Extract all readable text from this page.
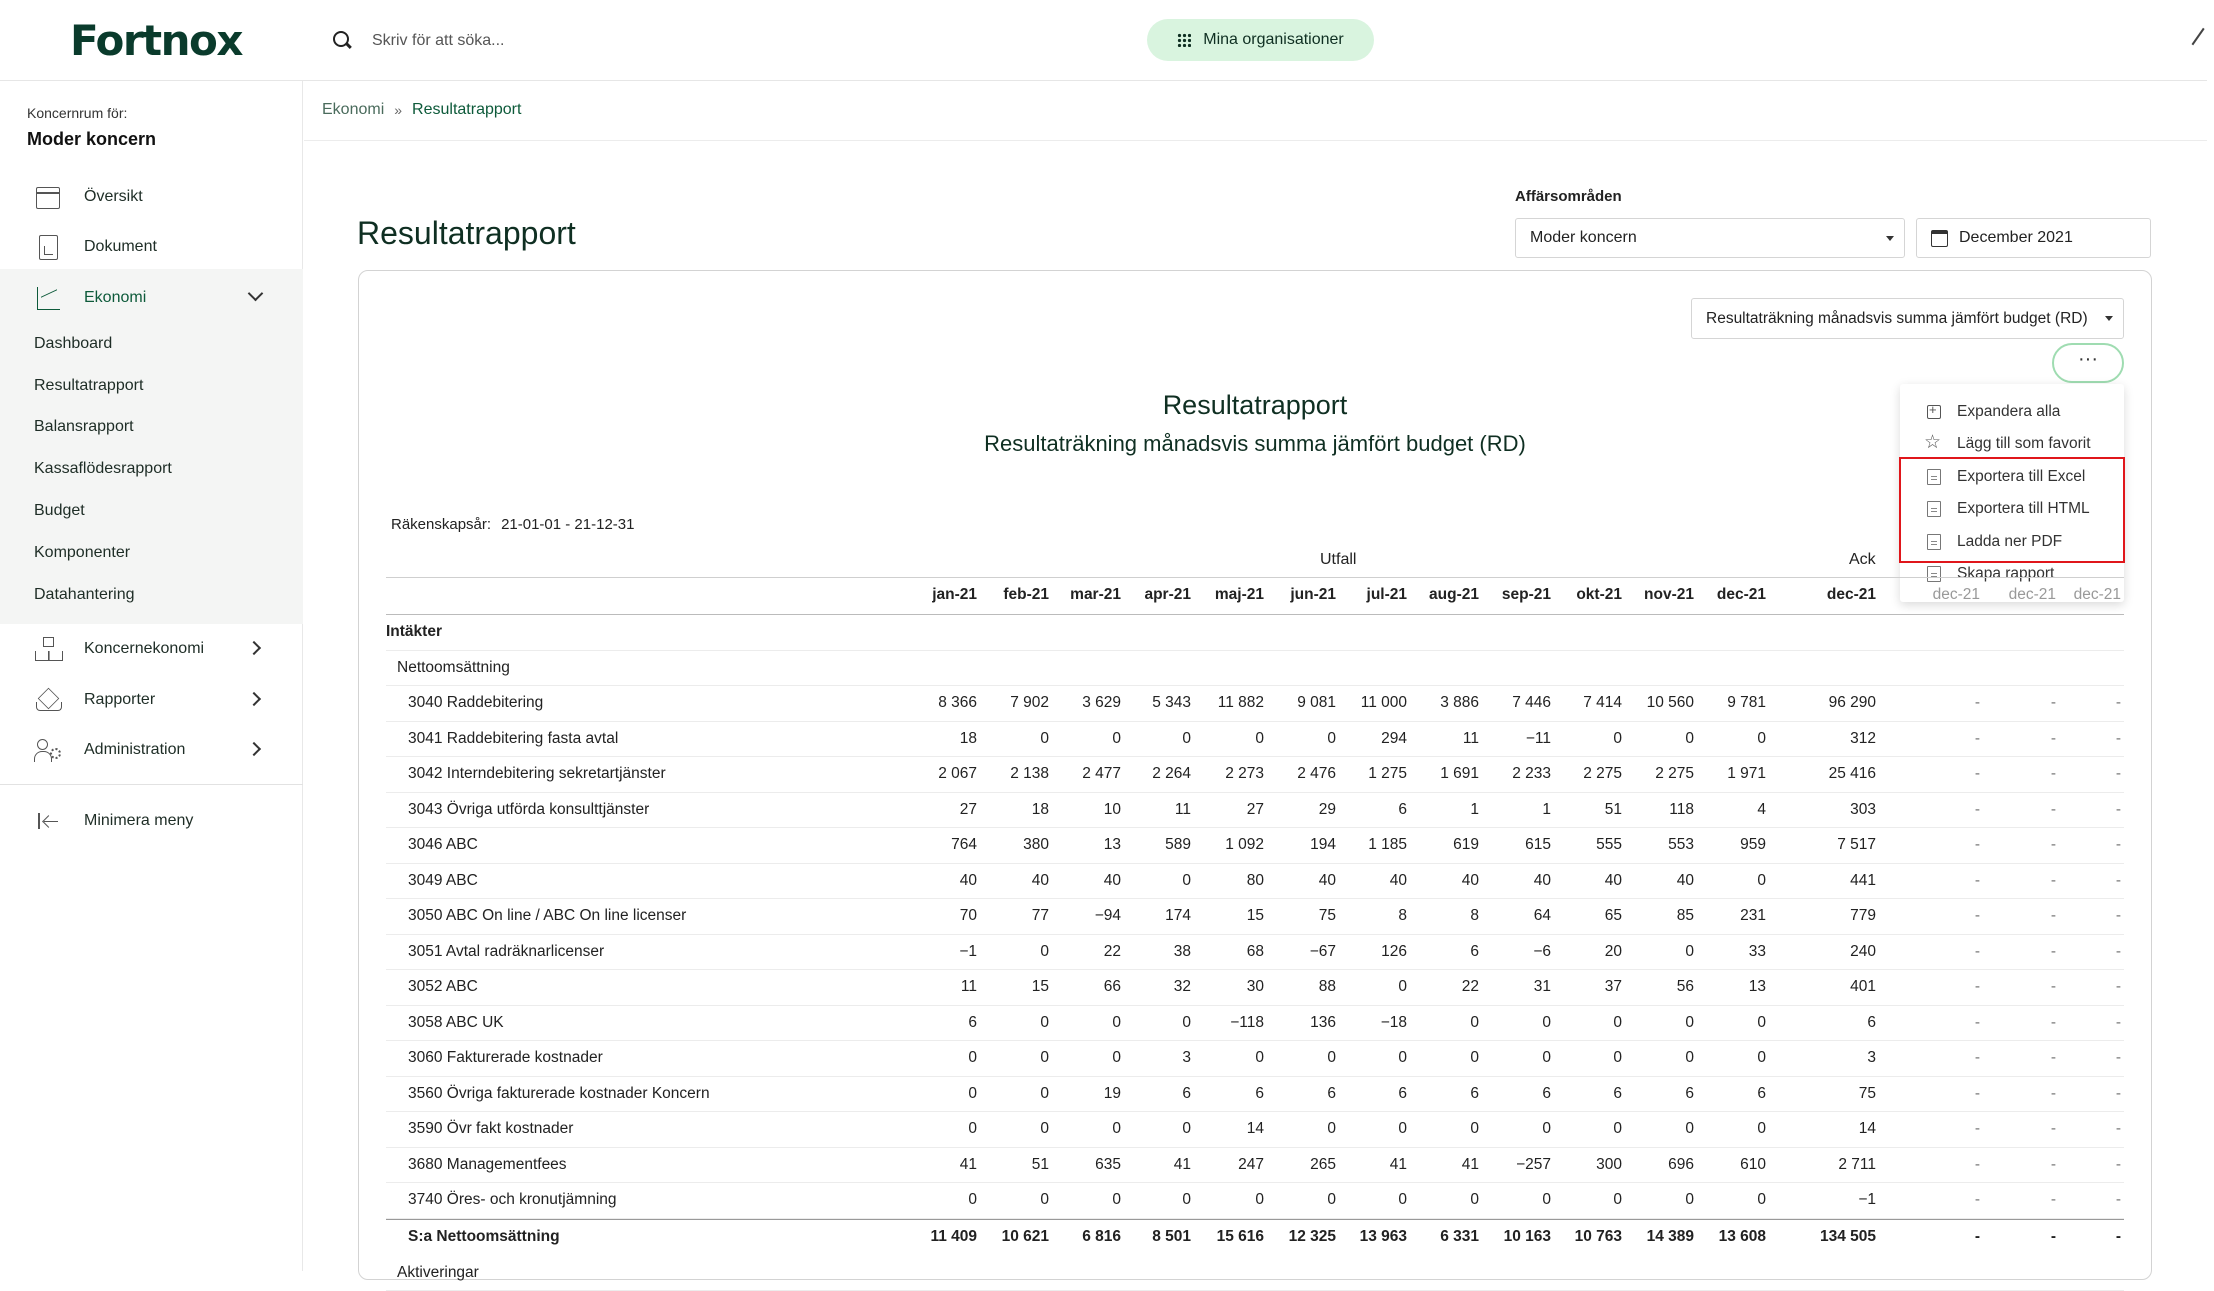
Fortnox
Skriv för att söka...	Mina organisationer
Koncernrum för:
Moder koncern
Översikt
Dokument
Ekonomi
Dashboard
Resultatrapport
Balansrapport
Kassaflödesrapport
Budget
Komponenter
Datahantering
Koncernekonomi
Rapporter
Administration
Minimera meny
Ekonomi » Resultatrapport
Resultatrapport
Affärsområden
Moder koncern	December 2021
Resultaträkning månadsvis summa jämfört budget (RD)
···
+
Expandera alla
☆
Lägg till som favorit
Exportera till Excel
Exportera till HTML
Ladda ner PDF
Skapa rapport
Resultatrapport
Resultaträkning månadsvis summa jämfört budget (RD)
Räkenskapsår: 21-01-01 - 21-12-31
Utfall	Ack
jan-21	feb-21	mar-21	apr-21	maj-21	jun-21	jul-21	aug-21	sep-21	okt-21	nov-21	dec-21	dec-21	dec-21	dec-21	dec-21
Intäkter
Nettoomsättning
3040 Raddebitering	8 366	7 902	3 629	5 343	11 882	9 081	11 000	3 886	7 446	7 414	10 560	9 781	96 290	-	-	-
3041 Raddebitering fasta avtal	18	0	0	0	0	0	294	11	−11	0	0	0	312	-	-	-
3042 Interndebitering sekretartjänster	2 067	2 138	2 477	2 264	2 273	2 476	1 275	1 691	2 233	2 275	2 275	1 971	25 416	-	-	-
3043 Övriga utförda konsulttjänster	27	18	10	11	27	29	6	1	1	51	118	4	303	-	-	-
3046 ABC	764	380	13	589	1 092	194	1 185	619	615	555	553	959	7 517	-	-	-
3049 ABC	40	40	40	0	80	40	40	40	40	40	40	0	441	-	-	-
3050 ABC On line / ABC On line licenser	70	77	−94	174	15	75	8	8	64	65	85	231	779	-	-	-
3051 Avtal radräknarlicenser	−1	0	22	38	68	−67	126	6	−6	20	0	33	240	-	-	-
3052 ABC	11	15	66	32	30	88	0	22	31	37	56	13	401	-	-	-
3058 ABC UK	6	0	0	0	−118	136	−18	0	0	0	0	0	6	-	-	-
3060 Fakturerade kostnader	0	0	0	3	0	0	0	0	0	0	0	0	3	-	-	-
3560 Övriga fakturerade kostnader Koncern	0	0	19	6	6	6	6	6	6	6	6	6	75	-	-	-
3590 Övr fakt kostnader	0	0	0	0	14	0	0	0	0	0	0	0	14	-	-	-
3680 Managementfees	41	51	635	41	247	265	41	41	−257	300	696	610	2 711	-	-	-
3740 Öres- och kronutjämning	0	0	0	0	0	0	0	0	0	0	0	0	−1	-	-	-
S:a Nettoomsättning	11 409	10 621	6 816	8 501	15 616	12 325	13 963	6 331	10 163	10 763	14 389	13 608	134 505	-	-	-
Aktiveringar
